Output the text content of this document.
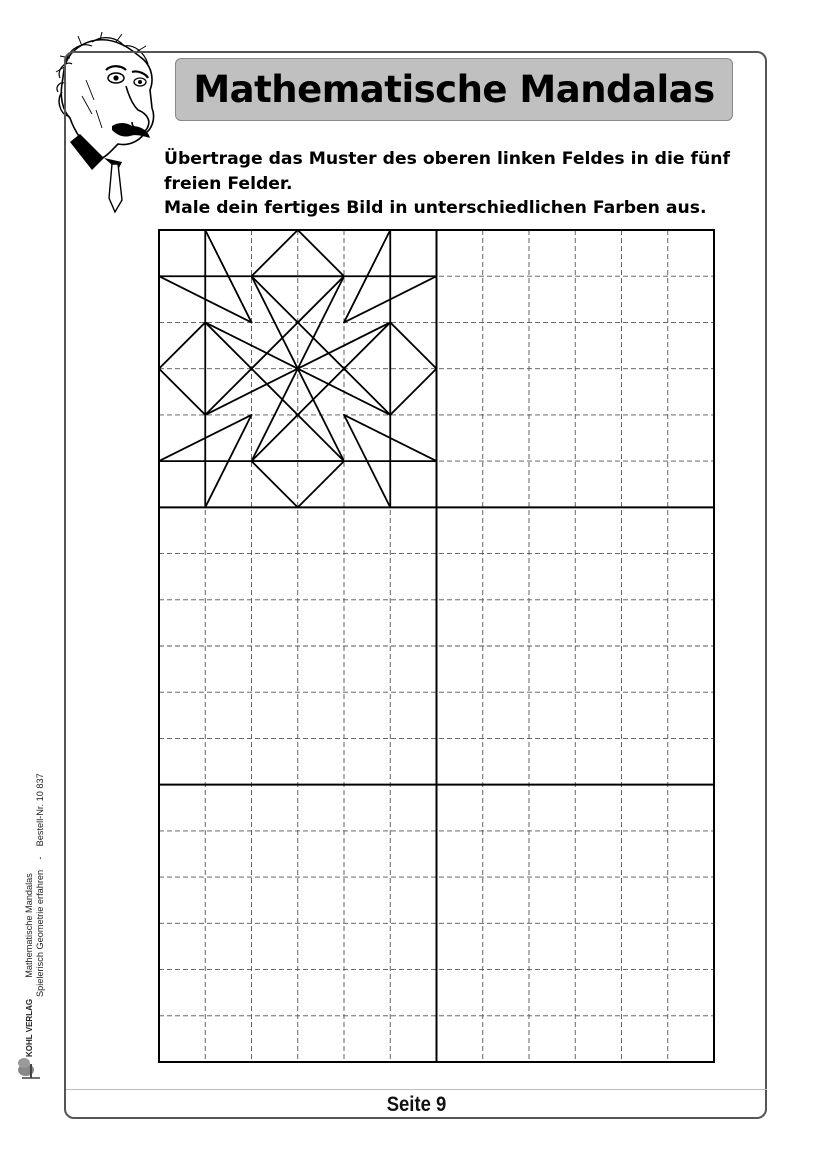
Mathematische Mandalas
Übertrage das Muster des oberen linken Feldes in die fünf
freien Felder.
Male dein fertiges Bild in unterschiedlichen Farben aus.
KOHL VERLAG  Mathematische Mandalas Spielerisch Geometrie erfahren    -    Bestell-Nr. 10 837
Seite 9
